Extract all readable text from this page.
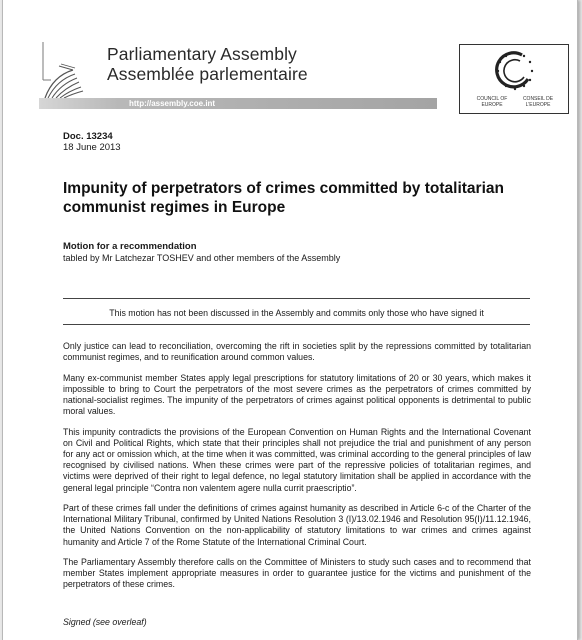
Parliamentary Assembly
Assemblée parlementaire
http://assembly.coe.int	COUNCIL OF EUROPE
CONSEIL DE L'EUROPE
Doc. 13234
18 June 2013
Impunity of perpetrators of crimes committed by totalitarian communist regimes in Europe
Motion for a recommendation
tabled by Mr Latchezar TOSHEV and other members of the Assembly
This motion has not been discussed in the Assembly and commits only those who have signed it

Only justice can lead to reconciliation, overcoming the rift in societies split by the repressions committed by totalitarian communist regimes, and to reunification around common values.

Many ex-communist member States apply legal prescriptions for statutory limitations of 20 or 30 years, which makes it impossible to bring to Court the perpetrators of the most severe crimes as the perpetrators of crimes committed by national-socialist regimes. The impunity of the perpetrators of crimes against political opponents is detrimental to public moral values.

This impunity contradicts the provisions of the European Convention on Human Rights and the International Covenant on Civil and Political Rights, which state that their principles shall not prejudice the trial and punishment of any person for any act or omission which, at the time when it was committed, was criminal according to the general principles of law recognised by civilised nations. When these crimes were part of the repressive policies of totalitarian regimes, and victims were deprived of their right to legal defence, no legal statutory limitation shall be applied in accordance with the general legal principle “Contra non valentem agere nulla currit praescriptio”.

Part of these crimes fall under the definitions of crimes against humanity as described in Article 6-c of the Charter of the International Military Tribunal, confirmed by United Nations Resolution 3 (I)/13.02.1946 and Resolution 95(I)/11.12.1946, the United Nations Convention on the non-applicability of statutory limitations to war crimes and crimes against humanity and Article 7 of the Rome Statute of the International Criminal Court.

The Parliamentary Assembly therefore calls on the Committee of Ministers to study such cases and to recommend that member States implement appropriate measures in order to guarantee justice for the victims and punishment of the perpetrators of these crimes.

Signed (see overleaf)
